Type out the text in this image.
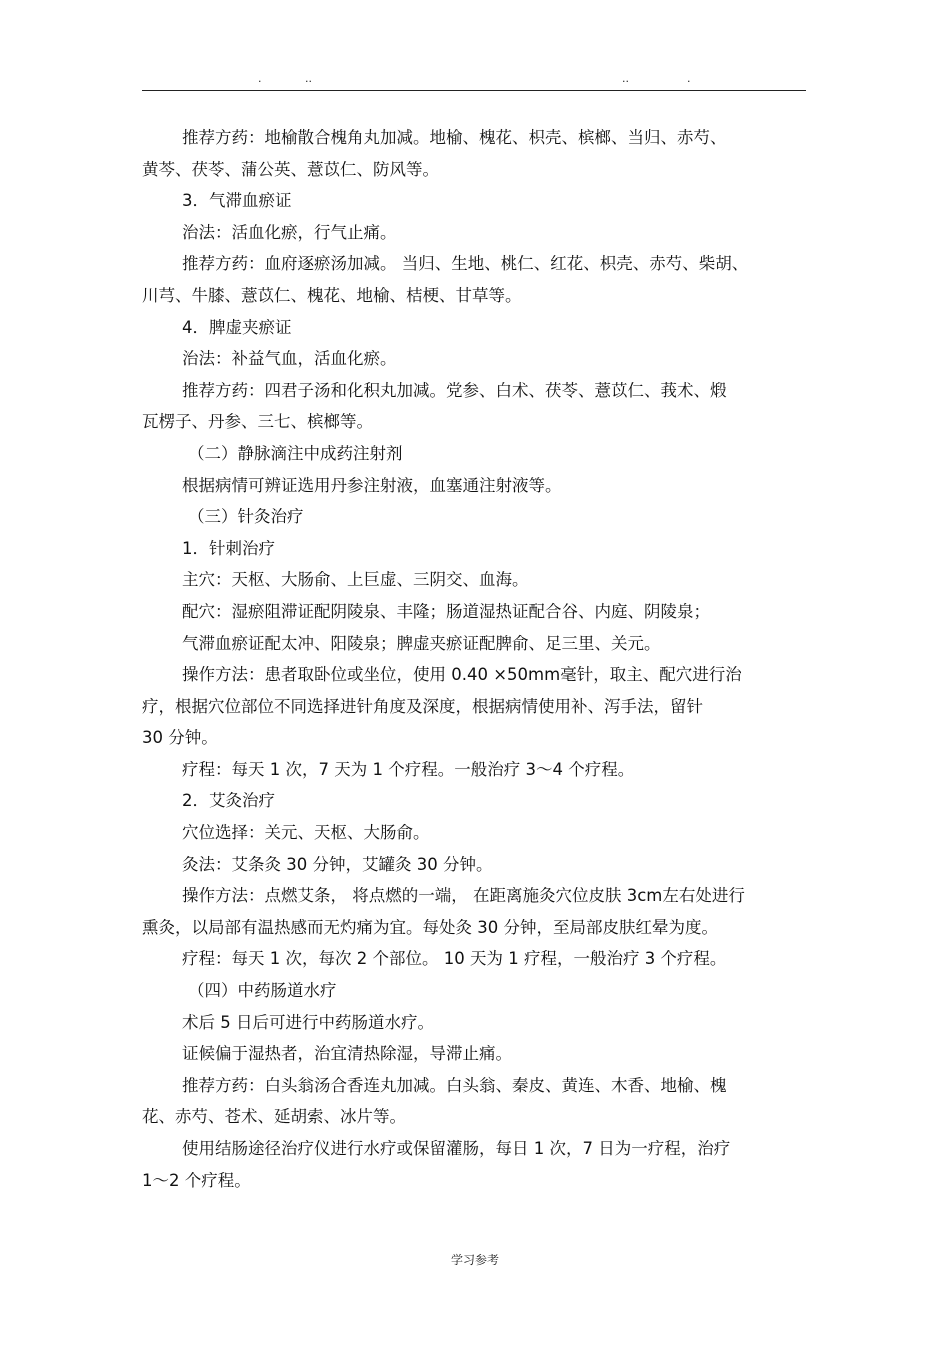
.	..	..	.
推荐方药：地榆散合槐角丸加减。地榆、槐花、枳壳、槟榔、当归、赤芍、
黄芩、茯苓、蒲公英、薏苡仁、防风等。
3．气滞血瘀证
治法：活血化瘀，行气止痛。
推荐方药：血府逐瘀汤加减。 当归、生地、桃仁、红花、枳壳、赤芍、柴胡、
川芎、牛膝、薏苡仁、槐花、地榆、桔梗、甘草等。
4．脾虚夹瘀证
治法：补益气血，活血化瘀。
推荐方药：四君子汤和化积丸加减。党参、白术、茯苓、薏苡仁、莪术、煅
瓦楞子、丹参、三七、槟榔等。
（二）静脉滴注中成药注射剂
根据病情可辨证选用丹参注射液，血塞通注射液等。
（三）针灸治疗
1．针刺治疗
主穴：天枢、大肠俞、上巨虚、三阴交、血海。
配穴：湿瘀阻滞证配阴陵泉、丰隆；肠道湿热证配合谷、内庭、阴陵泉；
气滞血瘀证配太冲、阳陵泉；脾虚夹瘀证配脾俞、足三里、关元。
操作方法：患者取卧位或坐位，使用 0.40 ×50mm毫针，取主、配穴进行治
疗，根据穴位部位不同选择进针角度及深度，根据病情使用补、泻手法，留针
30 分钟。
疗程：每天 1 次，7 天为 1 个疗程。一般治疗 3～4 个疗程。
2．艾灸治疗
穴位选择：关元、天枢、大肠俞。
灸法：艾条灸 30 分钟，艾罐灸 30 分钟。
操作方法：点燃艾条， 将点燃的一端， 在距离施灸穴位皮肤 3cm左右处进行
熏灸，以局部有温热感而无灼痛为宜。每处灸 30 分钟，至局部皮肤红晕为度。
疗程：每天 1 次，每次 2 个部位。 10 天为 1 疗程，一般治疗 3 个疗程。
（四）中药肠道水疗
术后 5 日后可进行中药肠道水疗。
证候偏于湿热者，治宜清热除湿，导滞止痛。
推荐方药：白头翁汤合香连丸加减。白头翁、秦皮、黄连、木香、地榆、槐
花、赤芍、苍术、延胡索、冰片等。
使用结肠途径治疗仪进行水疗或保留灌肠，每日 1 次，7 日为一疗程，治疗
1～2 个疗程。
学习参考
